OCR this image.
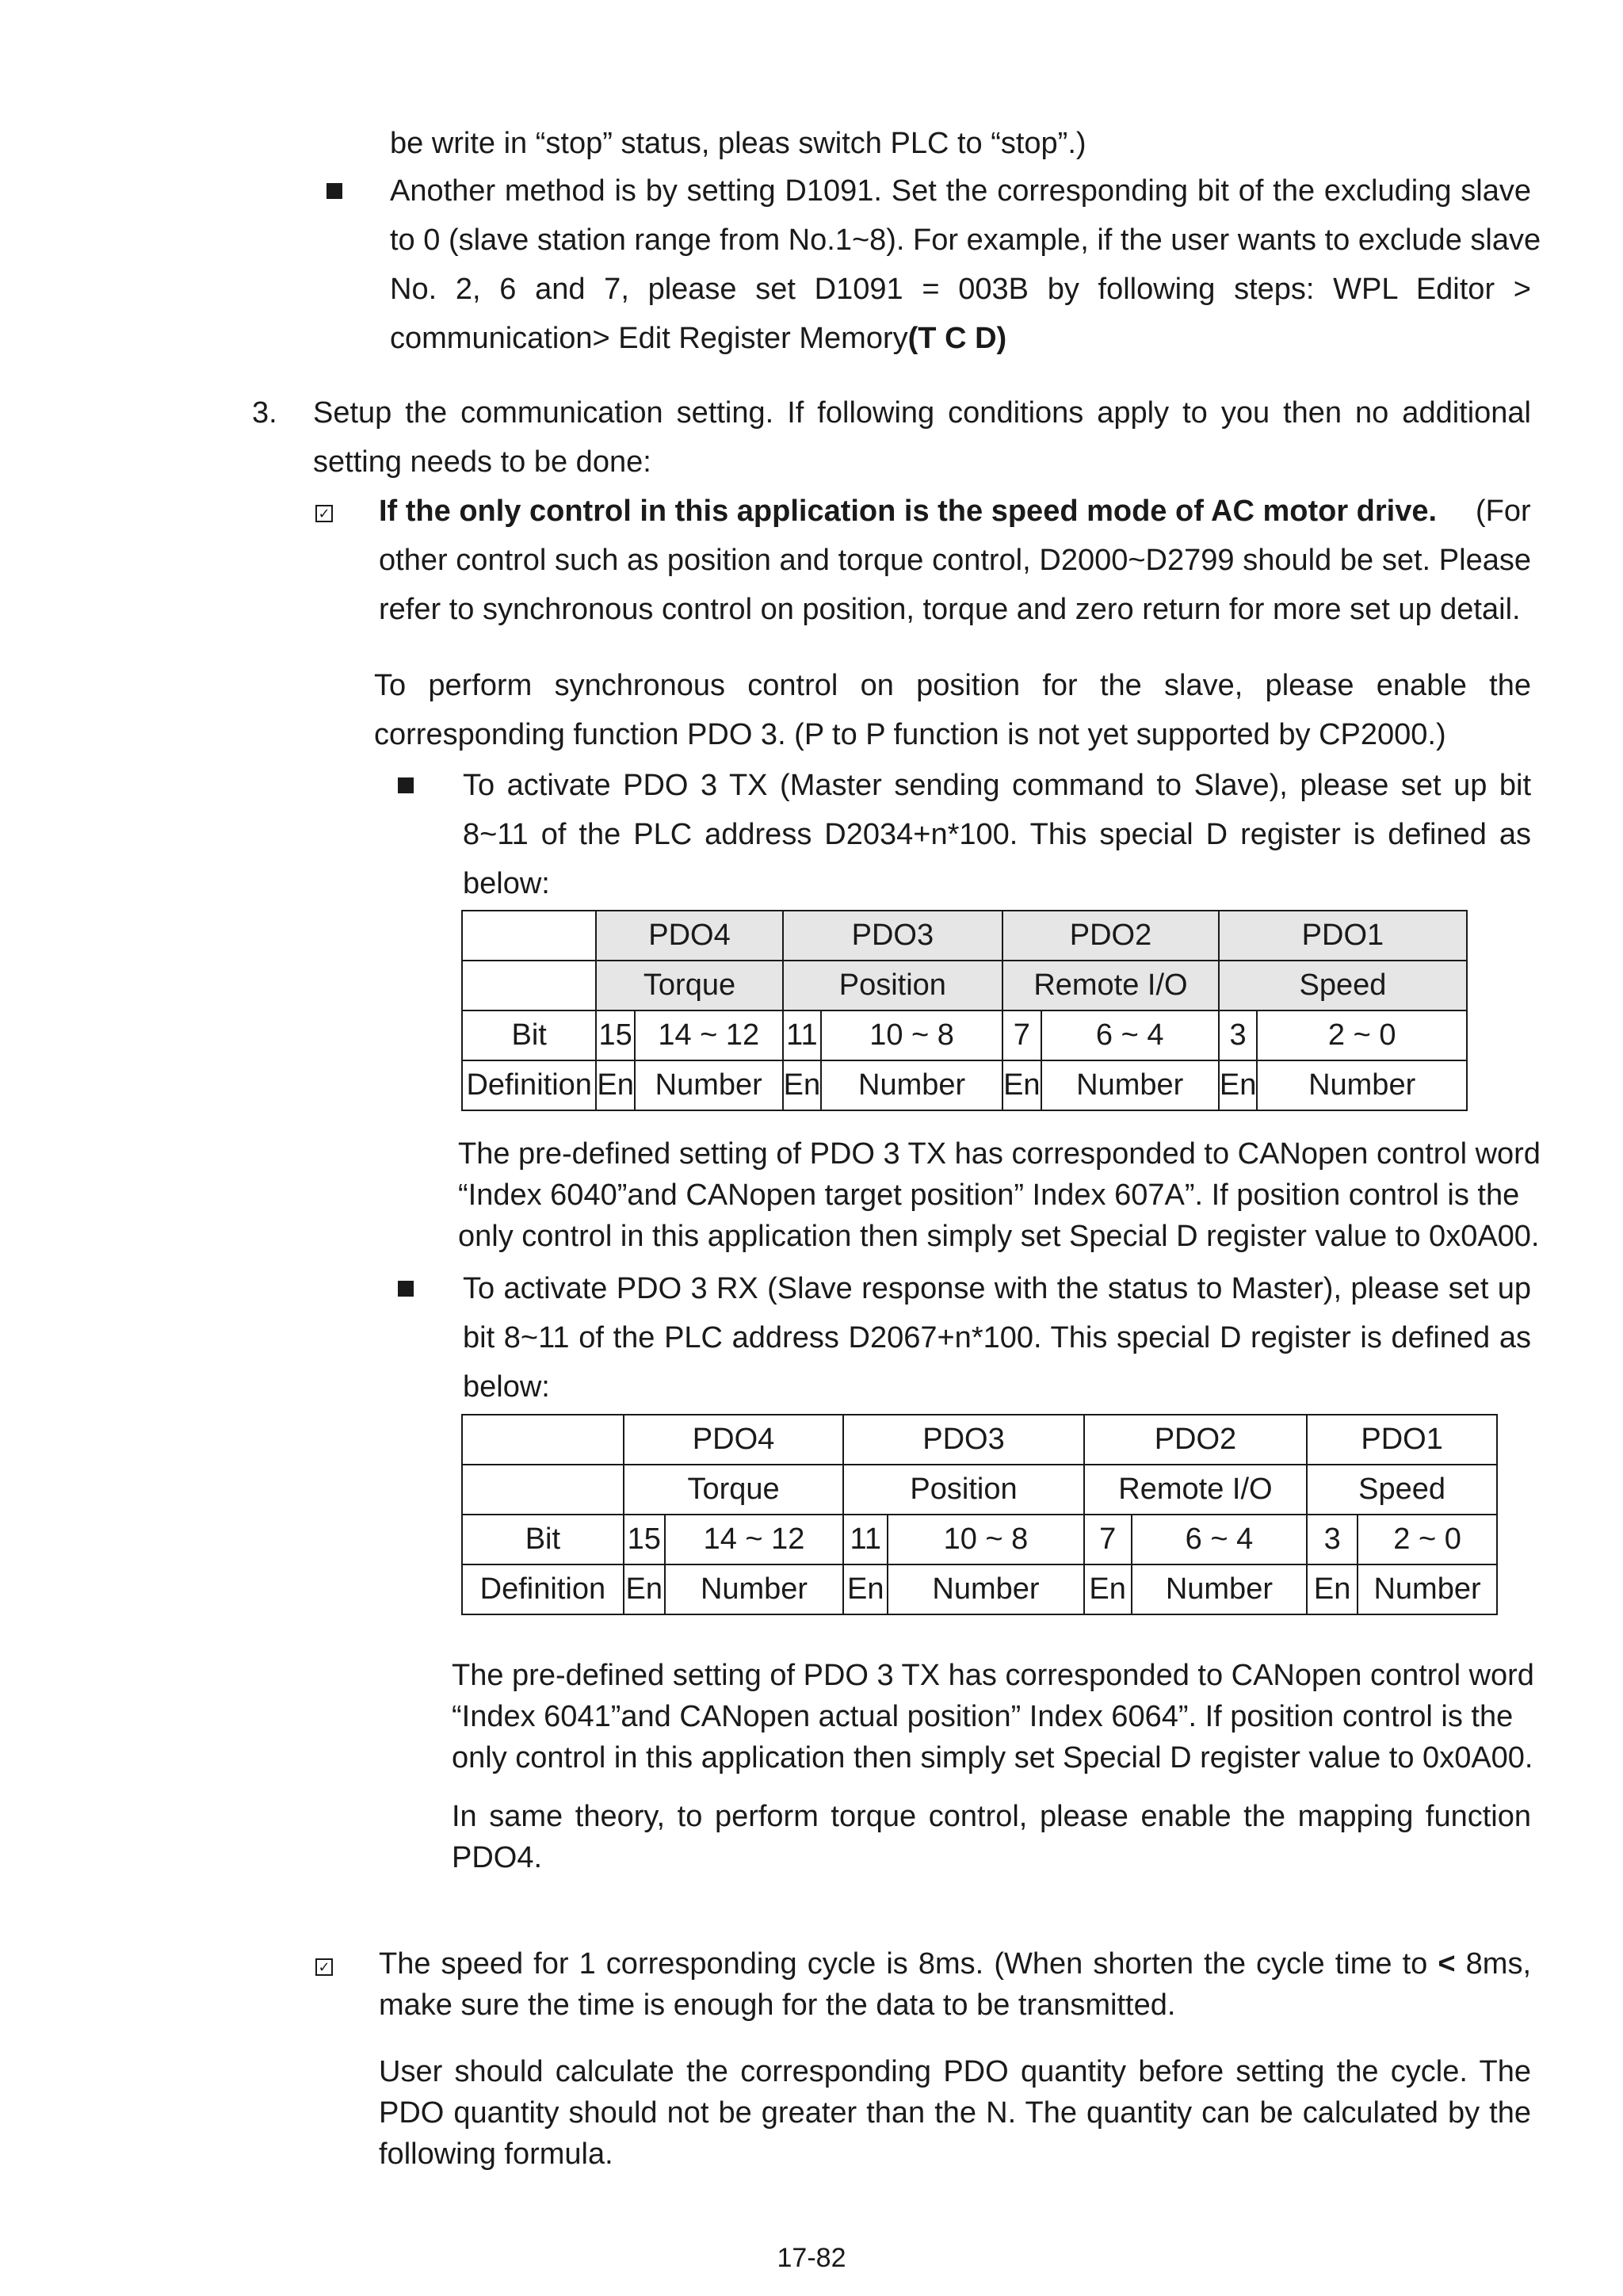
be write in “stop” status, pleas switch PLC to “stop”.)
Another method is by setting D1091. Set the corresponding bit of the excluding slave
to 0 (slave station range from No.1~8). For example, if the user wants to exclude slave
No. 2, 6 and 7, please set D1091 = 003B by following steps: WPL Editor >
communication> Edit Register Memory(T C D)
3. Setup the communication setting. If following conditions apply to you then no additional
setting needs to be done:
✓ If the only control in this application is the speed mode of AC motor drive. (For
other control such as position and torque control, D2000~D2799 should be set. Please
refer to synchronous control on position, torque and zero return for more set up detail.
To perform synchronous control on position for the slave, please enable the
corresponding function PDO 3. (P to P function is not yet supported by CP2000.)
To activate PDO 3 TX (Master sending command to Slave), please set up bit
8~11 of the PLC address D2034+n*100. This special D register is defined as
below:
	PDO4		PDO3		PDO2		PDO1	
	Torque		Position		Remote I/O		Speed	
Bit	15	14 ~ 12	11	10 ~ 8	7	6 ~ 4	3	2 ~ 0
Definition	En	Number	En	Number	En	Number	En	Number
The pre-defined setting of PDO 3 TX has corresponded to CANopen control word
“Index 6040”and CANopen target position” Index 607A”. If position control is the
only control in this application then simply set Special D register value to 0x0A00.
To activate PDO 3 RX (Slave response with the status to Master), please set up
bit 8~11 of the PLC address D2067+n*100. This special D register is defined as
below:
	PDO4		PDO3		PDO2		PDO1	
	Torque		Position		Remote I/O		Speed	
Bit	15	14 ~ 12	11	10 ~ 8	7	6 ~ 4	3	2 ~ 0
Definition	En	Number	En	Number	En	Number	En	Number
The pre-defined setting of PDO 3 TX has corresponded to CANopen control word
“Index 6041”and CANopen actual position” Index 6064”. If position control is the
only control in this application then simply set Special D register value to 0x0A00.
In same theory, to perform torque control, please enable the mapping function
PDO4.
✓ The speed for 1 corresponding cycle is 8ms. (When shorten the cycle time to < 8ms,
make sure the time is enough for the data to be transmitted.
User should calculate the corresponding PDO quantity before setting the cycle. The
PDO quantity should not be greater than the N. The quantity can be calculated by the
following formula.
17-82
